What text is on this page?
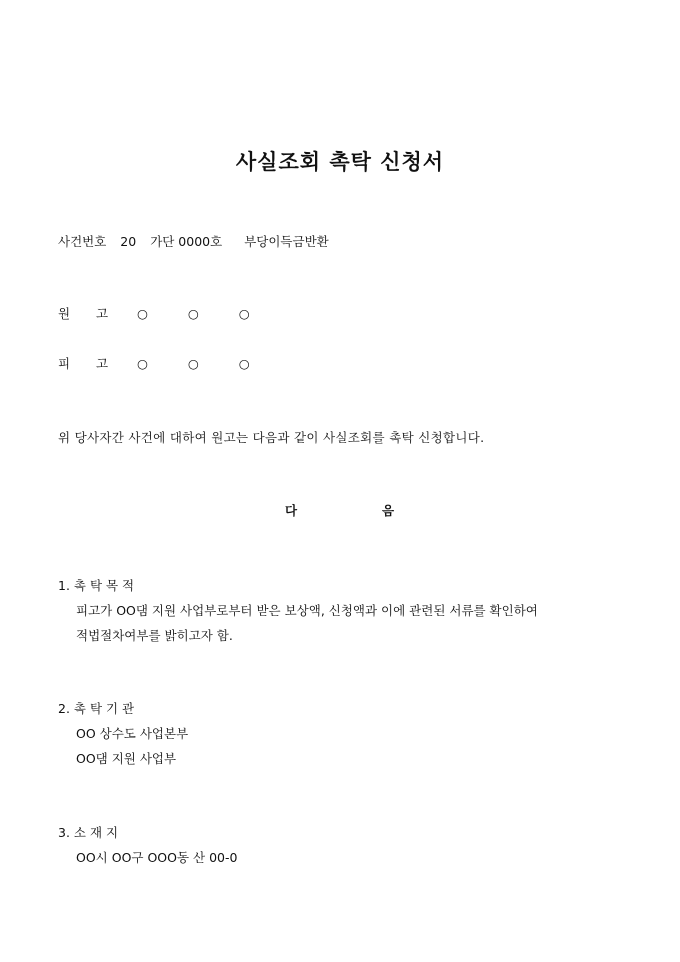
사실조회 촉탁 신청서
사건번호 20 가단 0000호 부당이득금반환
원 고 ○ ○ ○
피 고 ○ ○ ○
위 당사자간 사건에 대하여 원고는 다음과 같이 사실조회를 촉탁 신청합니다.
다	음
1. 촉 탁 목 적
피고가 OO댐 지원 사업부로부터 받은 보상액, 신청액과 이에 관련된 서류를 확인하여
적법절차여부를 밝히고자 함.
2. 촉 탁 기 관
OO 상수도 사업본부
OO댐 지원 사업부
3. 소 재 지
OO시 OO구 OOO동 산 00-0
